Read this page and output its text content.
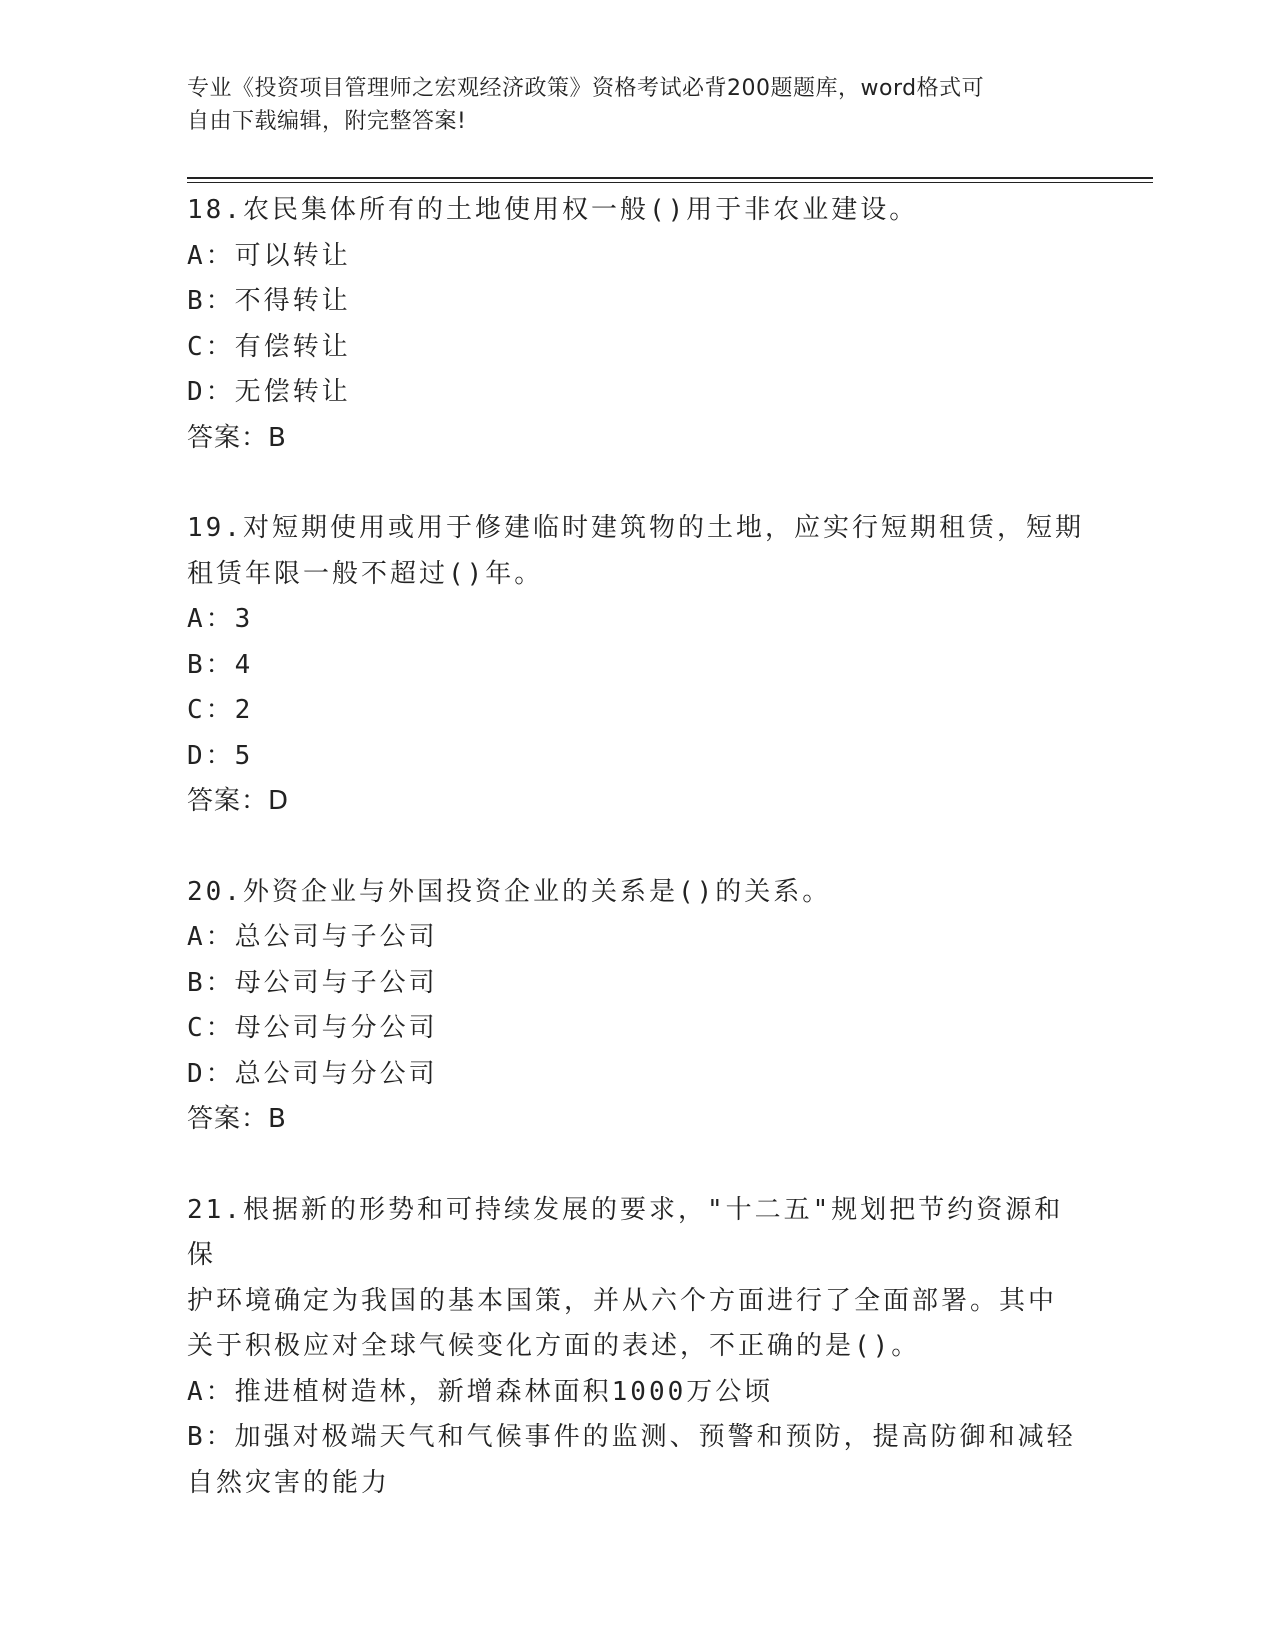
专业《投资项目管理师之宏观经济政策》资格考试必背200题题库，word格式可
自由下载编辑，附完整答案!

18.农民集体所有的土地使用权一般()用于非农业建设。

A：可以转让

B：不得转让

C：有偿转让

D：无偿转让

答案：B

19.对短期使用或用于修建临时建筑物的土地，应实行短期租赁，短期

租赁年限一般不超过()年。

A：3

B：4

C：2

D：5

答案：D

20.外资企业与外国投资企业的关系是()的关系。

A：总公司与子公司

B：母公司与子公司

C：母公司与分公司

D：总公司与分公司

答案：B

21.根据新的形势和可持续发展的要求，"十二五"规划把节约资源和保

护环境确定为我国的基本国策，并从六个方面进行了全面部署。其中

关于积极应对全球气候变化方面的表述，不正确的是()。

A：推进植树造林，新增森林面积1000万公顷

B：加强对极端天气和气候事件的监测、预警和预防，提高防御和减轻

自然灾害的能力
